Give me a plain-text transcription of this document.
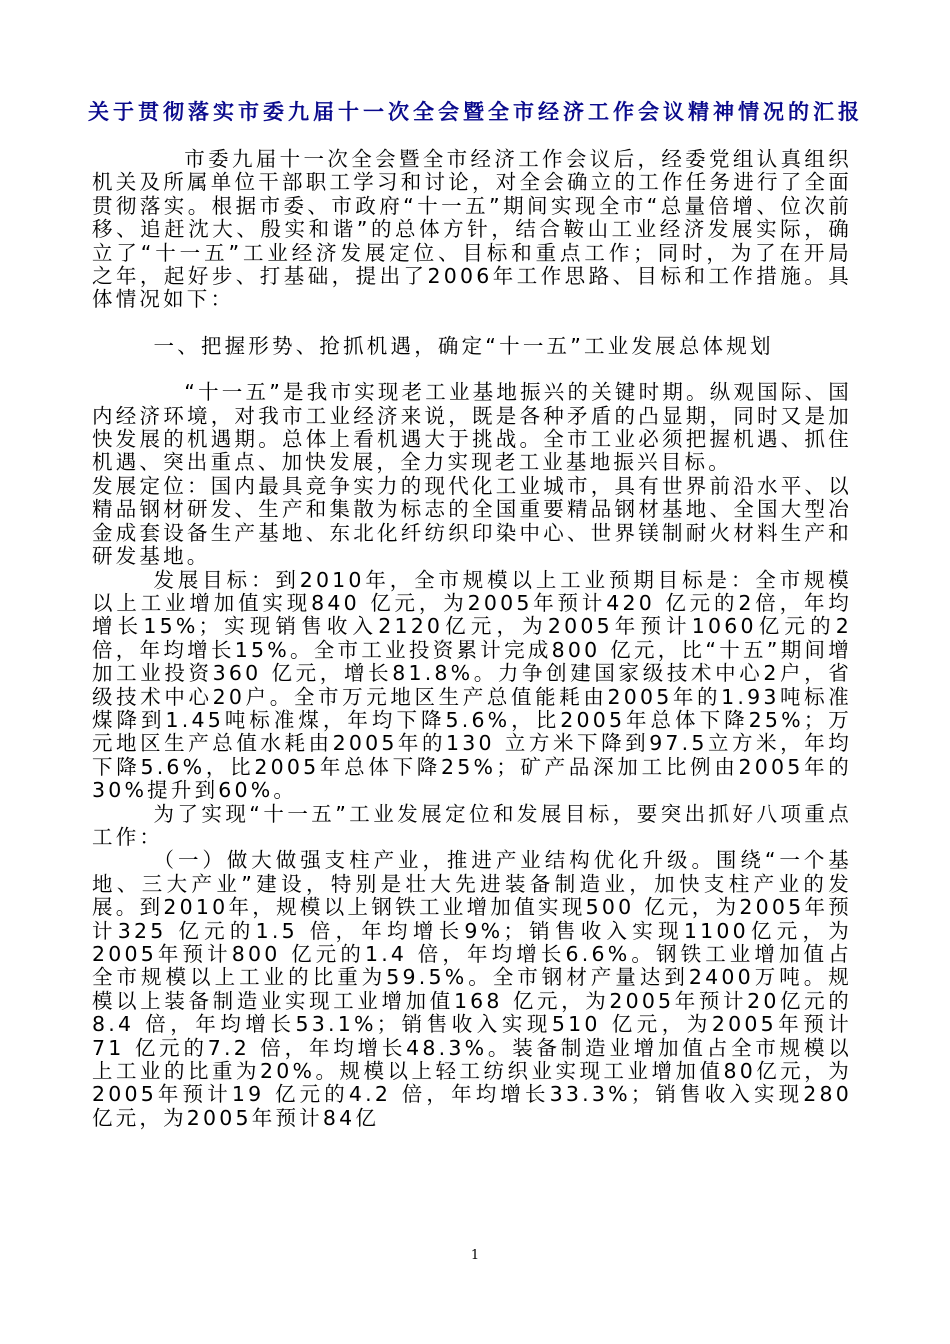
关于贯彻落实市委九届十一次全会暨全市经济工作会议精神情况的汇报

市委九届十一次全会暨全市经济工作会议后，经委党组认真组织机关及所属单位干部职工学习和讨论，对全会确立的工作任务进行了全面贯彻落实。根据市委、市政府“十一五”期间实现全市“总量倍增、位次前移、追赶沈大、殷实和谐”的总体方针，结合鞍山工业经济发展实际，确立了“十一五”工业经济发展定位、目标和重点工作；同时，为了在开局之年，起好步、打基础，提出了2006年工作思路、目标和工作措施。具体情况如下：

一、把握形势、抢抓机遇，确定“十一五”工业发展总体规划

“十一五”是我市实现老工业基地振兴的关键时期。纵观国际、国内经济环境，对我市工业经济来说，既是各种矛盾的凸显期，同时又是加快发展的机遇期。总体上看机遇大于挑战。全市工业必须把握机遇、抓住机遇、突出重点、加快发展，全力实现老工业基地振兴目标。

发展定位：国内最具竞争实力的现代化工业城市，具有世界前沿水平、以精品钢材研发、生产和集散为标志的全国重要精品钢材基地、全国大型冶金成套设备生产基地、东北化纤纺织印染中心、世界镁制耐火材料生产和研发基地。

发展目标：到2010年，全市规模以上工业预期目标是：全市规模以上工业增加值实现840 亿元，为2005年预计420 亿元的2倍，年均增长15%；实现销售收入2120亿元，为2005年预计1060亿元的2倍，年均增长15%。全市工业投资累计完成800 亿元，比“十五”期间增加工业投资360 亿元，增长81.8%。力争创建国家级技术中心2户，省级技术中心20户。全市万元地区生产总值能耗由2005年的1.93吨标准煤降到1.45吨标准煤，年均下降5.6%，比2005年总体下降25%；万元地区生产总值水耗由2005年的130 立方米下降到97.5立方米，年均下降5.6%，比2005年总体下降25%；矿产品深加工比例由2005年的30%提升到60%。

为了实现“十一五”工业发展定位和发展目标，要突出抓好八项重点工作：

（一）做大做强支柱产业，推进产业结构优化升级。围绕“一个基地、三大产业”建设，特别是壮大先进装备制造业，加快支柱产业的发展。到2010年，规模以上钢铁工业增加值实现500 亿元，为2005年预计325 亿元的1.5 倍，年均增长9%；销售收入实现1100亿元，为2005年预计800 亿元的1.4 倍，年均增长6.6%。钢铁工业增加值占全市规模以上工业的比重为59.5%。全市钢材产量达到2400万吨。规模以上装备制造业实现工业增加值168 亿元，为2005年预计20亿元的8.4 倍，年均增长53.1%；销售收入实现510 亿元，为2005年预计71 亿元的7.2 倍，年均增长48.3%。装备制造业增加值占全市规模以上工业的比重为20%。规模以上轻工纺织业实现工业增加值80亿元，为2005年预计19 亿元的4.2 倍，年均增长33.3%；销售收入实现280 亿元，为2005年预计84亿

1
